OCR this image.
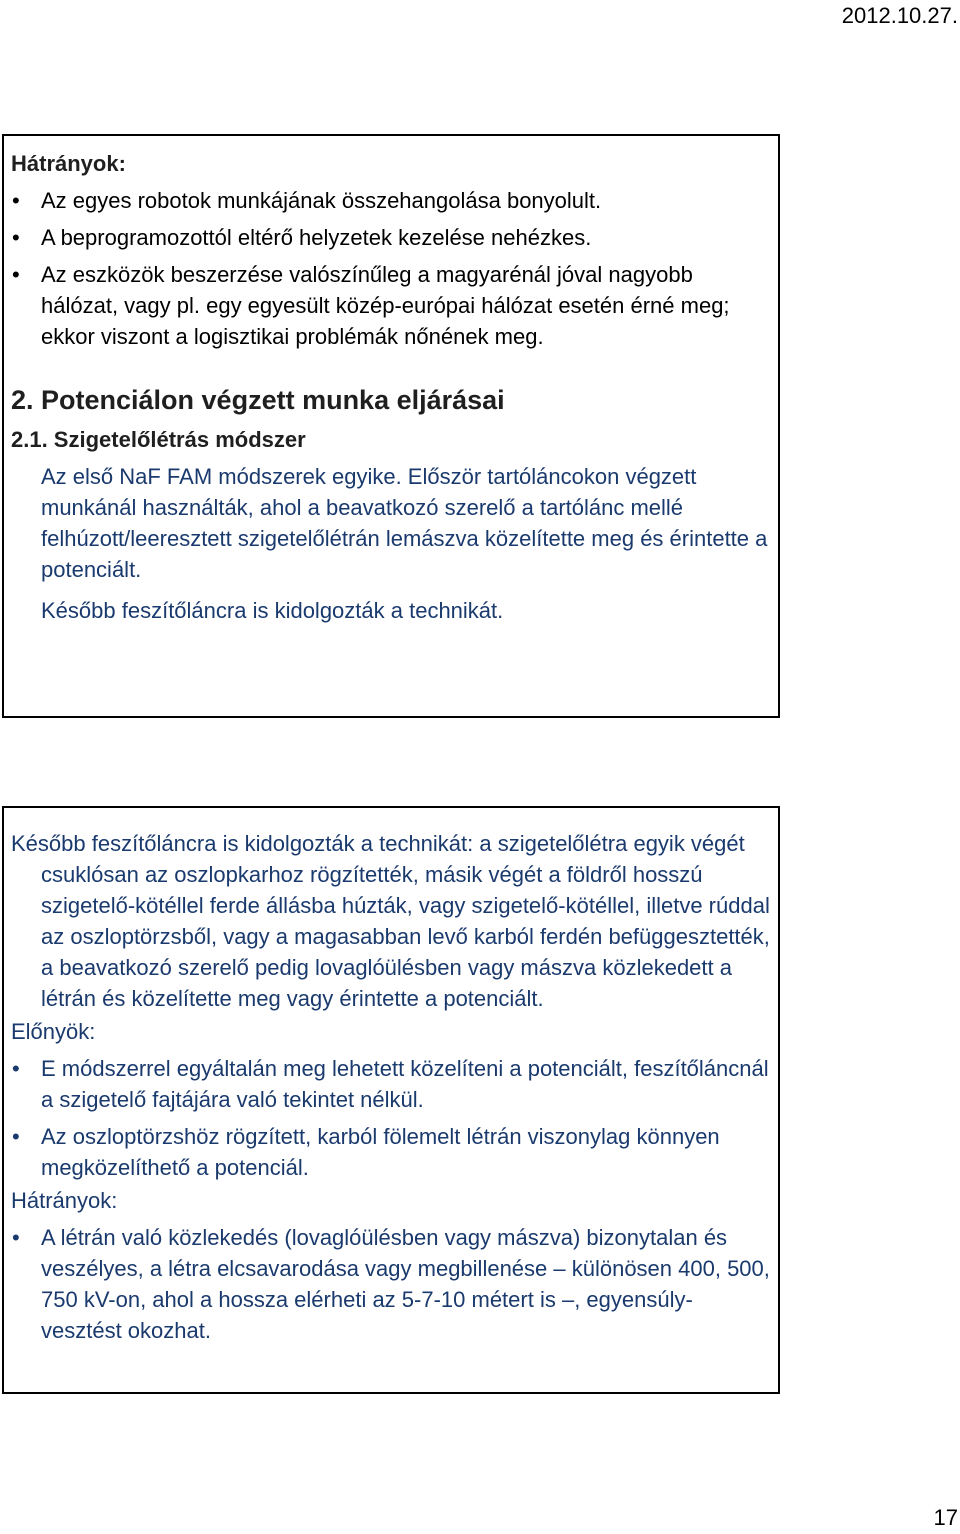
2012.10.27.
Hátrányok:
• Az egyes robotok munkájának összehangolása bonyolult.
• A beprogramozottól eltérő helyzetek kezelése nehézkes.
• Az eszközök beszerzése valószínűleg a magyarénál jóval nagyobb hálózat, vagy pl. egy egyesült közép-európai hálózat esetén érné meg; ekkor viszont a logisztikai problémák nőnének meg.
2. Potenciálon végzett munka eljárásai
2.1. Szigetelőlétrás módszer

Az első NaF FAM módszerek egyike. Először tartóláncokon végzett munkánál használták, ahol a beavatkozó szerelő a tartólánc mellé felhúzott/leeresztett szigetelőlétrán lemászva közelítette meg és érintette a potenciált.

Később feszítőláncra is kidolgozták a technikát.

Később feszítőláncra is kidolgozták a technikát: a szigetelőlétra egyik végét csuklósan az oszlopkarhoz rögzítették, másik végét a földről hosszú szigetelő-kötéllel ferde állásba húzták, vagy szigetelő-kötéllel, illetve rúddal az oszloptörzsből, vagy a magasabban levő karból ferdén befüggesztették, a beavatkozó szerelő pedig lovaglóülésben vagy mászva közlekedett a létrán és közelítette meg vagy érintette a potenciált.

Előnyök:
• E módszerrel egyáltalán meg lehetett közelíteni a potenciált, feszítőláncnál a szigetelő fajtájára való tekintet nélkül.
• Az oszloptörzshöz rögzített, karból fölemelt létrán viszonylag könnyen megközelíthető a potenciál.
Hátrányok:
• A létrán való közlekedés (lovaglóülésben vagy mászva) bizonytalan és veszélyes, a létra elcsavarodása vagy megbillenése – különösen 400, 500, 750 kV-on, ahol a hossza elérheti az 5-7-10 métert is –, egyensúly-vesztést okozhat.
17
